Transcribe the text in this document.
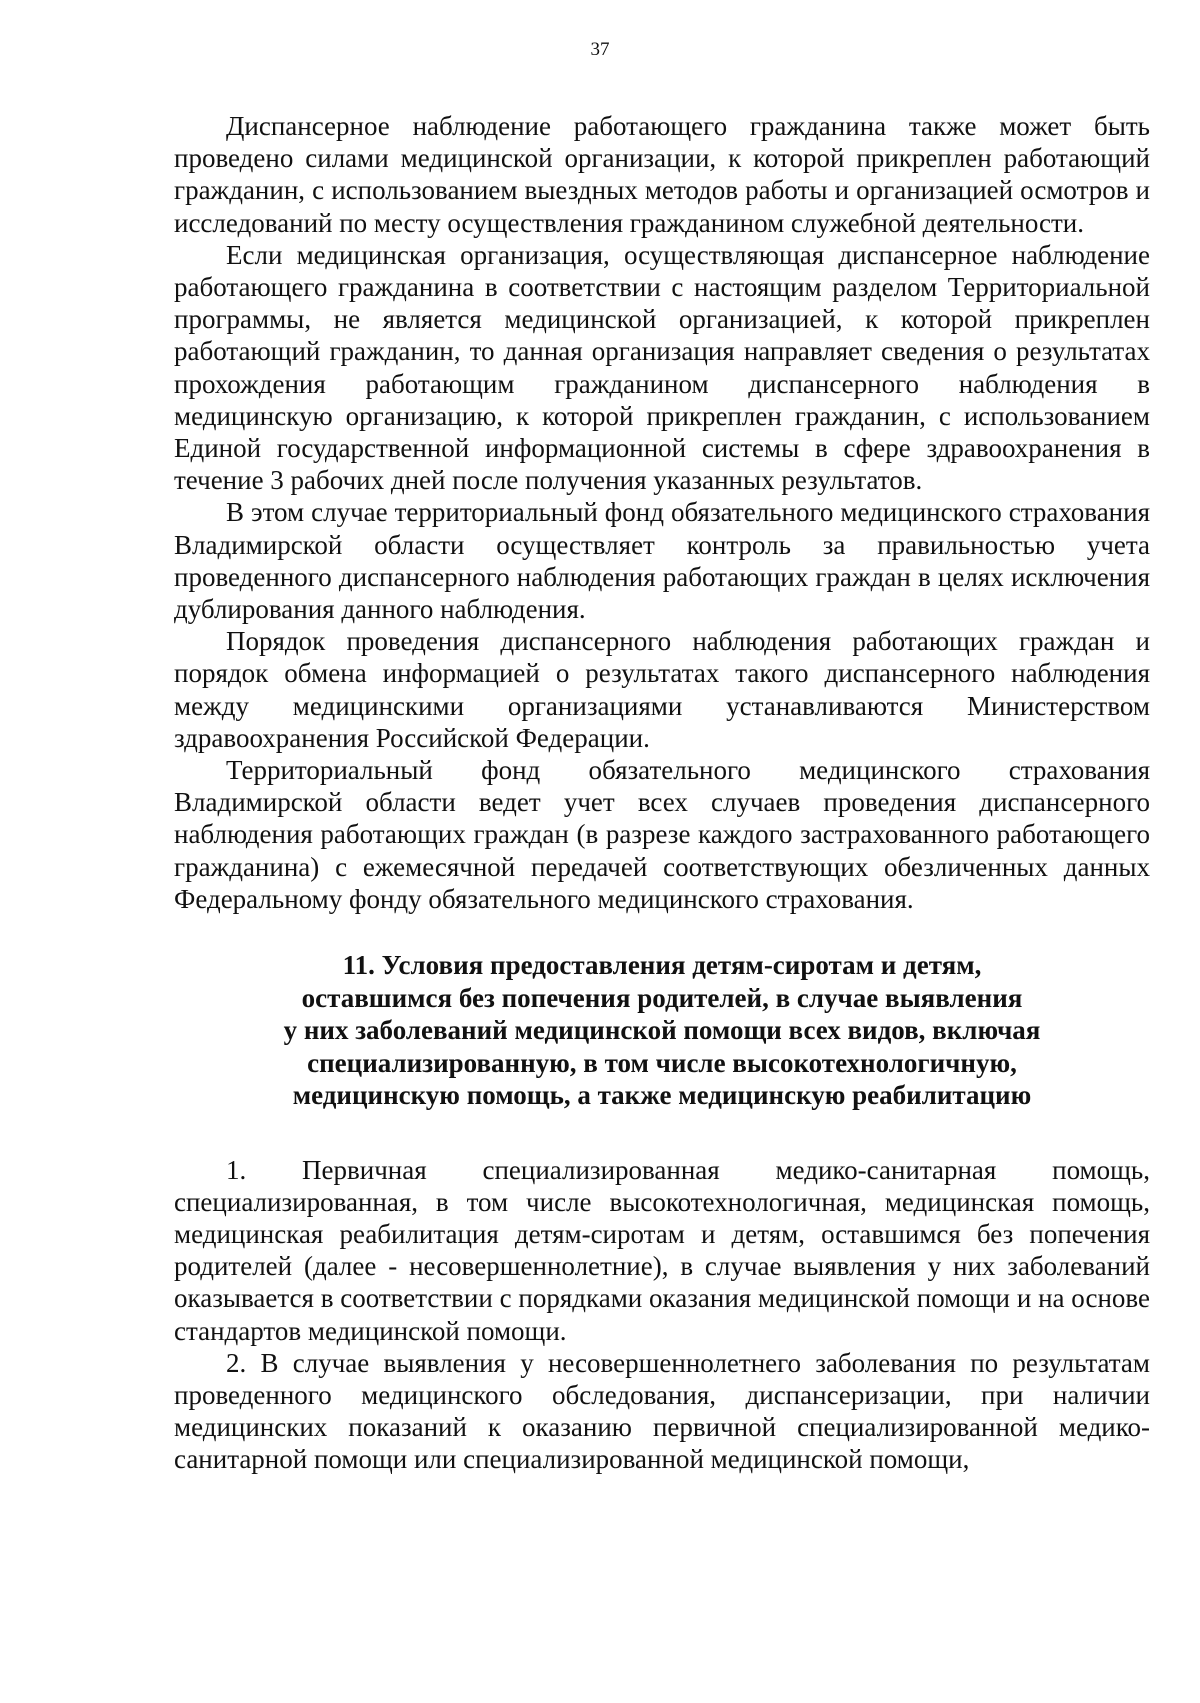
37

Диспансерное наблюдение работающего гражданина также может быть проведено силами медицинской организации, к которой прикреплен работающий гражданин, с использованием выездных методов работы и организацией осмотров и исследований по месту осуществления гражданином служебной деятельности.

Если медицинская организация, осуществляющая диспансерное наблюдение работающего гражданина в соответствии с настоящим разделом Территориальной программы, не является медицинской организацией, к которой прикреплен работающий гражданин, то данная организация направляет сведения о результатах прохождения работающим гражданином диспансерного наблюдения в медицинскую организацию, к которой прикреплен гражданин, с использованием Единой государственной информационной системы в сфере здравоохранения в течение 3 рабочих дней после получения указанных результатов.

В этом случае территориальный фонд обязательного медицинского страхования Владимирской области осуществляет контроль за правильностью учета проведенного диспансерного наблюдения работающих граждан в целях исключения дублирования данного наблюдения.

Порядок проведения диспансерного наблюдения работающих граждан и порядок обмена информацией о результатах такого диспансерного наблюдения между медицинскими организациями устанавливаются Министерством здравоохранения Российской Федерации.

Территориальный фонд обязательного медицинского страхования Владимирской области ведет учет всех случаев проведения диспансерного наблюдения работающих граждан (в разрезе каждого застрахованного работающего гражданина) с ежемесячной передачей соответствующих обезличенных данных Федеральному фонду обязательного медицинского страхования.

11. Условия предоставления детям-сиротам и детям,
оставшимся без попечения родителей, в случае выявления
у них заболеваний медицинской помощи всех видов, включая
специализированную, в том числе высокотехнологичную,
медицинскую помощь, а также медицинскую реабилитацию

1. Первичная специализированная медико-санитарная помощь, специализированная, в том числе высокотехнологичная, медицинская помощь, медицинская реабилитация детям-сиротам и детям, оставшимся без попечения родителей (далее - несовершеннолетние), в случае выявления у них заболеваний оказывается в соответствии с порядками оказания медицинской помощи и на основе стандартов медицинской помощи.

2. В случае выявления у несовершеннолетнего заболевания по результатам проведенного медицинского обследования, диспансеризации, при наличии медицинских показаний к оказанию первичной специализированной медико-санитарной помощи или специализированной медицинской помощи,
